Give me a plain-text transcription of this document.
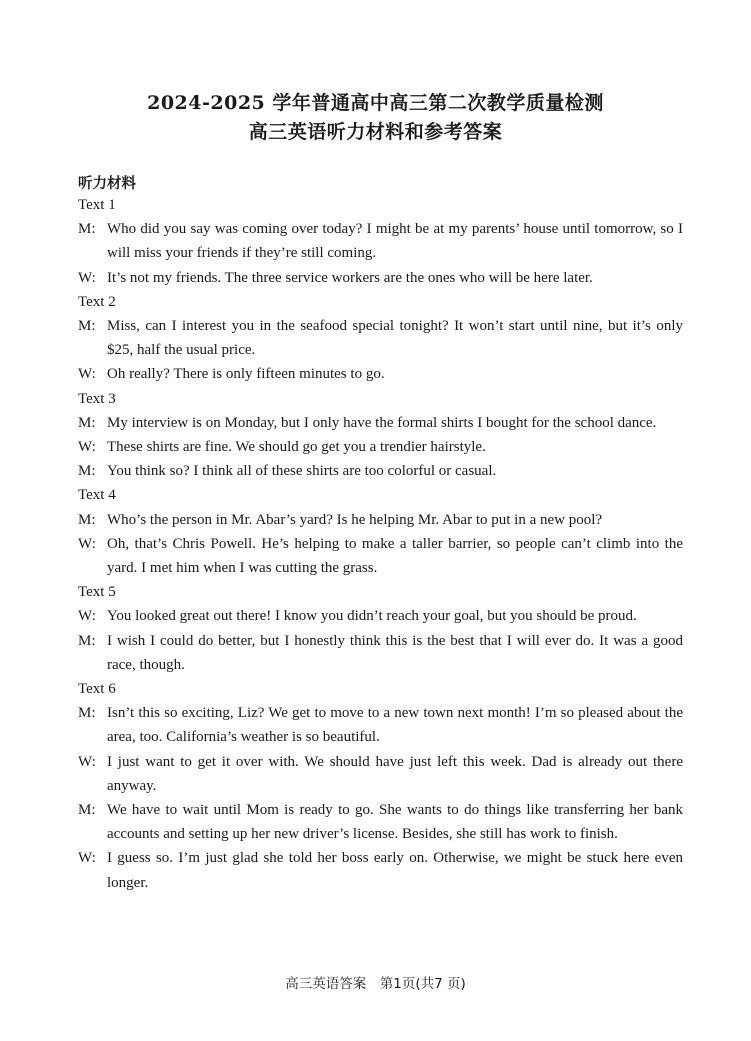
2024-2025 学年普通高中高三第二次教学质量检测
高三英语听力材料和参考答案
听力材料
Text 1
M: Who did you say was coming over today? I might be at my parents’ house until tomorrow, so I will miss your friends if they’re still coming.
W: It’s not my friends. The three service workers are the ones who will be here later.
Text 2
M: Miss, can I interest you in the seafood special tonight? It won’t start until nine, but it’s only $25, half the usual price.
W: Oh really? There is only fifteen minutes to go.
Text 3
M: My interview is on Monday, but I only have the formal shirts I bought for the school dance.
W: These shirts are fine. We should go get you a trendier hairstyle.
M: You think so? I think all of these shirts are too colorful or casual.
Text 4
M: Who’s the person in Mr. Abar’s yard? Is he helping Mr. Abar to put in a new pool?
W: Oh, that’s Chris Powell. He’s helping to make a taller barrier, so people can’t climb into the yard. I met him when I was cutting the grass.
Text 5
W: You looked great out there! I know you didn’t reach your goal, but you should be proud.
M: I wish I could do better, but I honestly think this is the best that I will ever do. It was a good race, though.
Text 6
M: Isn’t this so exciting, Liz? We get to move to a new town next month! I’m so pleased about the area, too. California’s weather is so beautiful.
W: I just want to get it over with. We should have just left this week. Dad is already out there anyway.
M: We have to wait until Mom is ready to go. She wants to do things like transferring her bank accounts and setting up her new driver’s license. Besides, she still has work to finish.
W: I guess so. I’m just glad she told her boss early on. Otherwise, we might be stuck here even longer.
高三英语答案　第1页(共7 页)
